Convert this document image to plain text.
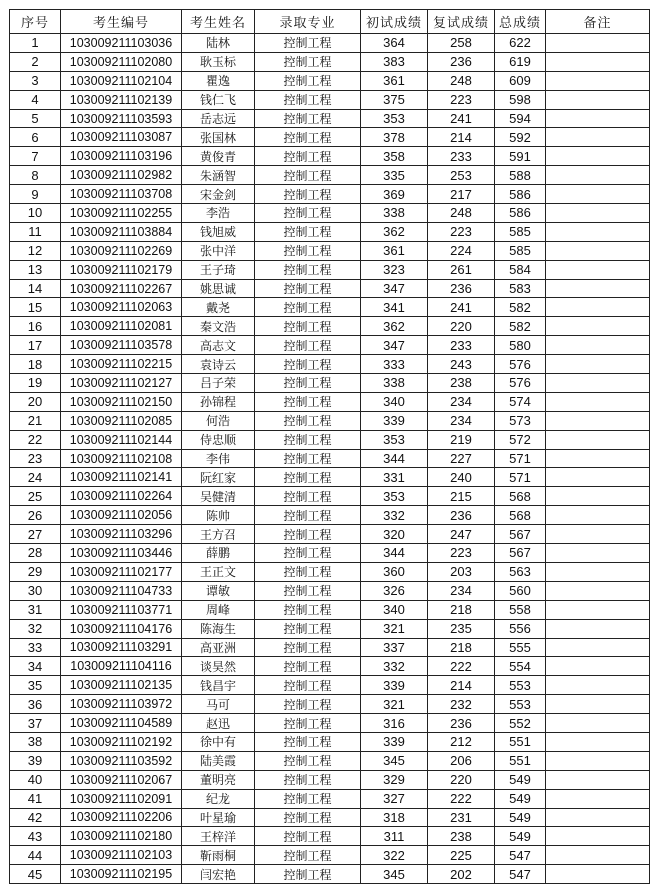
序号	考生编号	考生姓名	录取专业	初试成绩	复试成绩	总成绩	备注
1	103009211103036	陆林	控制工程	364	258	622	
2	103009211102080	耿玉标	控制工程	383	236	619	
3	103009211102104	瞿逸	控制工程	361	248	609	
4	103009211102139	钱仁飞	控制工程	375	223	598	
5	103009211103593	岳志远	控制工程	353	241	594	
6	103009211103087	张国林	控制工程	378	214	592	
7	103009211103196	黄俊青	控制工程	358	233	591	
8	103009211102982	朱涵智	控制工程	335	253	588	
9	103009211103708	宋金剑	控制工程	369	217	586	
10	103009211102255	李浩	控制工程	338	248	586	
11	103009211103884	钱旭威	控制工程	362	223	585	
12	103009211102269	张中洋	控制工程	361	224	585	
13	103009211102179	王子琦	控制工程	323	261	584	
14	103009211102267	姚思诚	控制工程	347	236	583	
15	103009211102063	戴尧	控制工程	341	241	582	
16	103009211102081	秦文浩	控制工程	362	220	582	
17	103009211103578	高志文	控制工程	347	233	580	
18	103009211102215	袁诗云	控制工程	333	243	576	
19	103009211102127	吕子荣	控制工程	338	238	576	
20	103009211102150	孙锦程	控制工程	340	234	574	
21	103009211102085	何浩	控制工程	339	234	573	
22	103009211102144	侍忠顺	控制工程	353	219	572	
23	103009211102108	李伟	控制工程	344	227	571	
24	103009211102141	阮红家	控制工程	331	240	571	
25	103009211102264	吴健清	控制工程	353	215	568	
26	103009211102056	陈帅	控制工程	332	236	568	
27	103009211103296	王方召	控制工程	320	247	567	
28	103009211103446	薛鹏	控制工程	344	223	567	
29	103009211102177	王正文	控制工程	360	203	563	
30	103009211104733	谭敏	控制工程	326	234	560	
31	103009211103771	周峰	控制工程	340	218	558	
32	103009211104176	陈海生	控制工程	321	235	556	
33	103009211103291	高亚洲	控制工程	337	218	555	
34	103009211104116	谈昊然	控制工程	332	222	554	
35	103009211102135	钱昌宇	控制工程	339	214	553	
36	103009211103972	马可	控制工程	321	232	553	
37	103009211104589	赵迅	控制工程	316	236	552	
38	103009211102192	徐中有	控制工程	339	212	551	
39	103009211103592	陆美霞	控制工程	345	206	551	
40	103009211102067	董明亮	控制工程	329	220	549	
41	103009211102091	纪龙	控制工程	327	222	549	
42	103009211102206	叶星瑜	控制工程	318	231	549	
43	103009211102180	王梓洋	控制工程	311	238	549	
44	103009211102103	靳雨桐	控制工程	322	225	547	
45	103009211102195	闫宏艳	控制工程	345	202	547	
